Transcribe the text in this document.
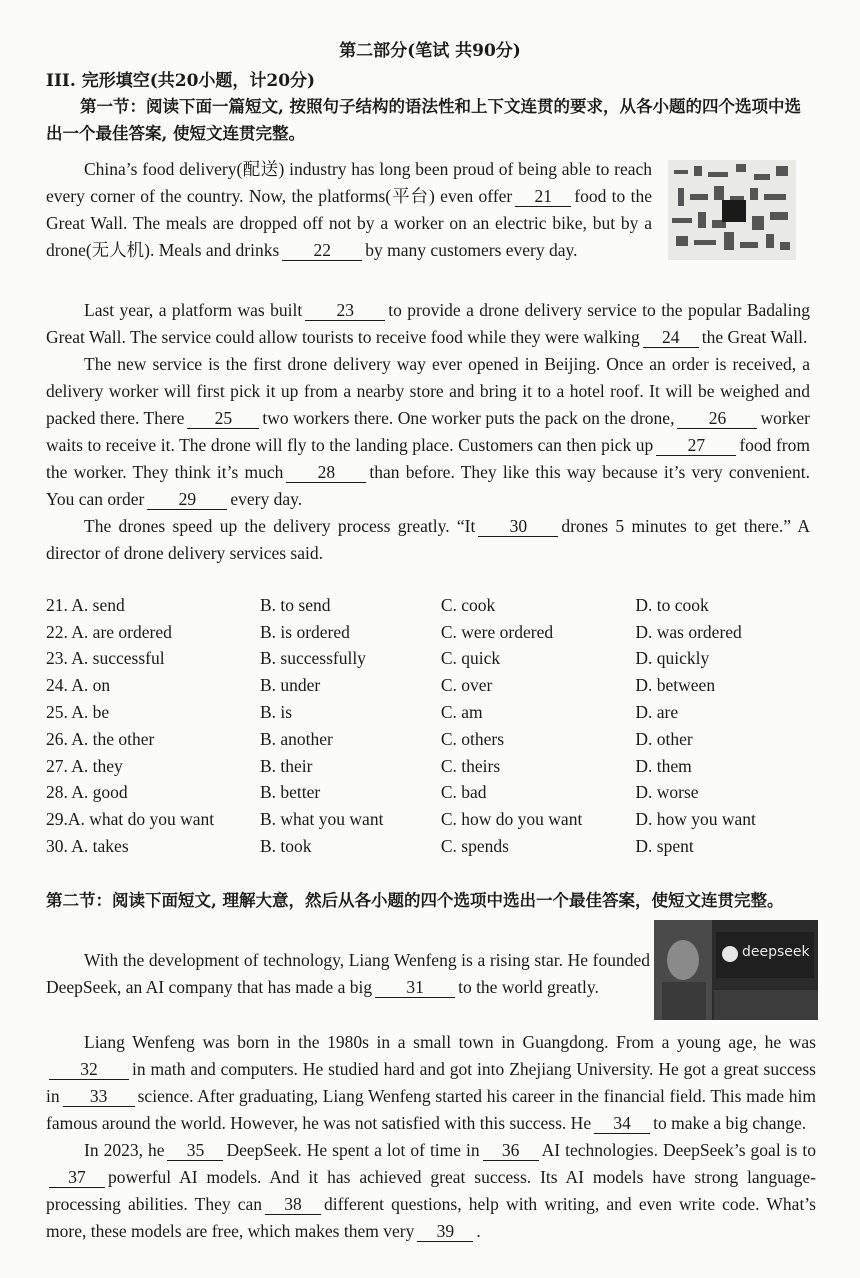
第二部分(笔试 共90分)
III. 完形填空(共20小题，计20分)
第一节：阅读下面一篇短文, 按照句子结构的语法性和上下文连贯的要求，从各小题的四个选项中选出一个最佳答案, 使短文连贯完整。

China’s food delivery(配送) industry has long been proud of being able to reach every corner of the country. Now, the platforms(平台) even offer 21 food to the Great Wall. The meals are dropped off not by a worker on an electric bike, but by a drone(无人机). Meals and drinks 22 by many customers every day.

Last year, a platform was built 23 to provide a drone delivery service to the popular Badaling Great Wall. The service could allow tourists to receive food while they were walking 24 the Great Wall.

The new service is the first drone delivery way ever opened in Beijing. Once an order is received, a delivery worker will first pick it up from a nearby store and bring it to a hotel roof. It will be weighed and packed there. There 25 two workers there. One worker puts the pack on the drone, 26 worker waits to receive it. The drone will fly to the landing place. Customers can then pick up 27 food from the worker. They think it’s much 28 than before. They like this way because it’s very convenient. You can order 29 every day.

The drones speed up the delivery process greatly. “It 30 drones 5 minutes to get there.” A director of drone delivery services said.

21. A. send	B. to send	C. cook	D. to cook
22. A. are ordered	B. is ordered	C. were ordered	D. was ordered
23. A. successful	B. successfully	C. quick	D. quickly
24. A. on	B. under	C. over	D. between
25. A. be	B. is	C. am	D. are
26. A. the other	B. another	C. others	D. other
27. A. they	B. their	C. theirs	D. them
28. A. good	B. better	C. bad	D. worse
29.A. what do you want	B. what you want	C. how do you want	D. how you want
30. A. takes	B. took	C. spends	D. spent
第二节：阅读下面短文, 理解大意，然后从各小题的四个选项中选出一个最佳答案，使短文连贯完整。
deepseek

With the development of technology, Liang Wenfeng is a rising star. He founded DeepSeek, an AI company that has made a big 31 to the world greatly.

Liang Wenfeng was born in the 1980s in a small town in Guangdong. From a young age, he was32 in math and computers. He studied hard and got into Zhejiang University. He got a great success in 33 science. After graduating, Liang Wenfeng started his career in the financial field. This made him famous around the world. However, he was not satisfied with this success. He 34 to make a big change.

In 2023, he 35 DeepSeek. He spent a lot of time in 36 AI technologies. DeepSeek’s goal is to37 powerful AI models. And it has achieved great success. Its AI models have strong language-processing abilities. They can 38 different questions, help with writing, and even write code. What’s more, these models are free, which makes them very 39 .
